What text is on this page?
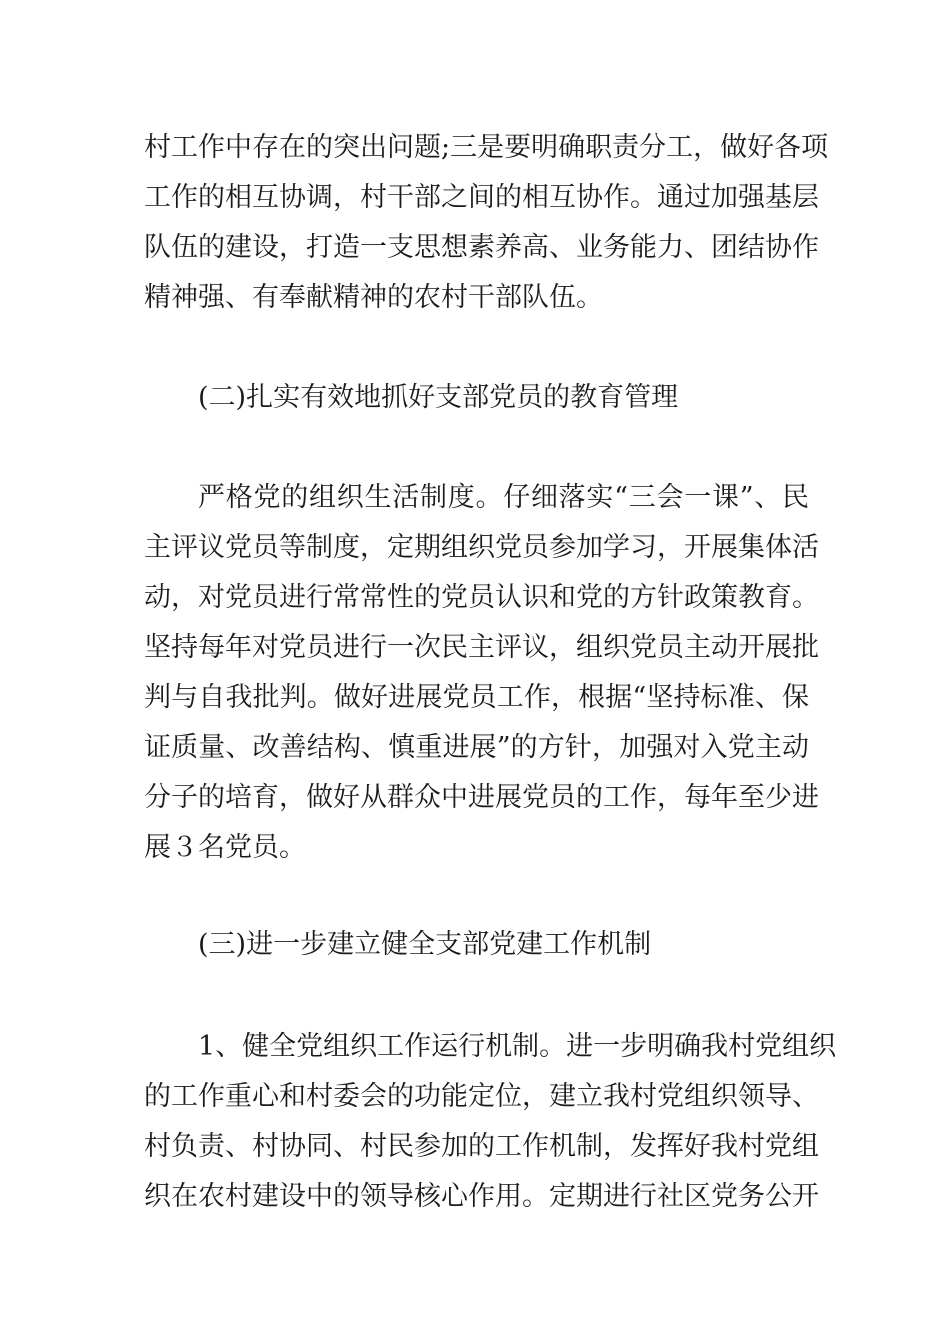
村工作中存在的突出问题;三是要明确职责分工，做好各项
工作的相互协调，村干部之间的相互协作。通过加强基层
队伍的建设，打造一支思想素养高、业务能力、团结协作
精神强、有奉献精神的农村干部队伍。
(二)扎实有效地抓好支部党员的教育管理
严格党的组织生活制度。仔细落实“三会一课”、民
主评议党员等制度，定期组织党员参加学习，开展集体活
动，对党员进行常常性的党员认识和党的方针政策教育。
坚持每年对党员进行一次民主评议，组织党员主动开展批
判与自我批判。做好进展党员工作，根据“坚持标准、保
证质量、改善结构、慎重进展”的方针，加强对入党主动
分子的培育，做好从群众中进展党员的工作，每年至少进
展３名党员。
(三)进一步建立健全支部党建工作机制
1、健全党组织工作运行机制。进一步明确我村党组织
的工作重心和村委会的功能定位，建立我村党组织领导、
村负责、村协同、村民参加的工作机制，发挥好我村党组
织在农村建设中的领导核心作用。定期进行社区党务公开
